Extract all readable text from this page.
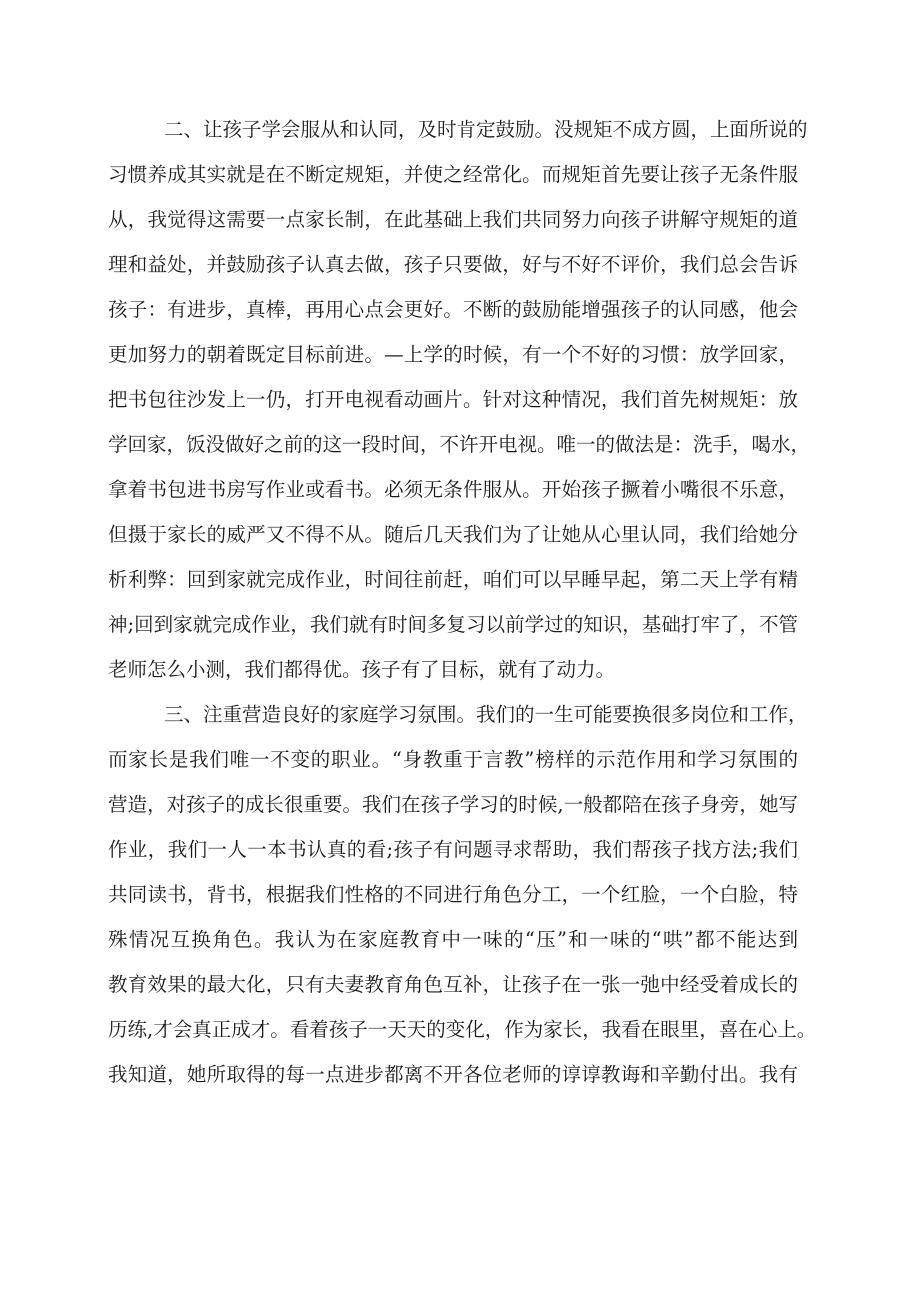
二、让孩子学会服从和认同，及时肯定鼓励。没规矩不成方圆，上面所说的
习惯养成其实就是在不断定规矩，并使之经常化。而规矩首先要让孩子无条件服
从，我觉得这需要一点家长制，在此基础上我们共同努力向孩子讲解守规矩的道
理和益处，并鼓励孩子认真去做，孩子只要做，好与不好不评价，我们总会告诉
孩子：有进步，真棒，再用心点会更好。不断的鼓励能增强孩子的认同感，他会
更加努力的朝着既定目标前进。—上学的时候，有一个不好的习惯：放学回家，
把书包往沙发上一仍，打开电视看动画片。针对这种情况，我们首先树规矩：放
学回家，饭没做好之前的这一段时间，不许开电视。唯一的做法是：洗手，喝水，
拿着书包进书房写作业或看书。必须无条件服从。开始孩子撅着小嘴很不乐意，
但摄于家长的威严又不得不从。随后几天我们为了让她从心里认同，我们给她分
析利弊：回到家就完成作业，时间往前赶，咱们可以早睡早起，第二天上学有精
神;回到家就完成作业，我们就有时间多复习以前学过的知识，基础打牢了，不管
老师怎么小测，我们都得优。孩子有了目标，就有了动力。
三、注重营造良好的家庭学习氛围。我们的一生可能要换很多岗位和工作，
而家长是我们唯一不变的职业。“身教重于言教”榜样的示范作用和学习氛围的
营造，对孩子的成长很重要。我们在孩子学习的时候,一般都陪在孩子身旁，她写
作业，我们一人一本书认真的看;孩子有问题寻求帮助，我们帮孩子找方法;我们
共同读书，背书，根据我们性格的不同进行角色分工，一个红脸，一个白脸，特
殊情况互换角色。我认为在家庭教育中一味的“压”和一味的“哄”都不能达到
教育效果的最大化，只有夫妻教育角色互补，让孩子在一张一弛中经受着成长的
历练,才会真正成才。看着孩子一天天的变化，作为家长，我看在眼里，喜在心上。
我知道，她所取得的每一点进步都离不开各位老师的谆谆教诲和辛勤付出。我有
